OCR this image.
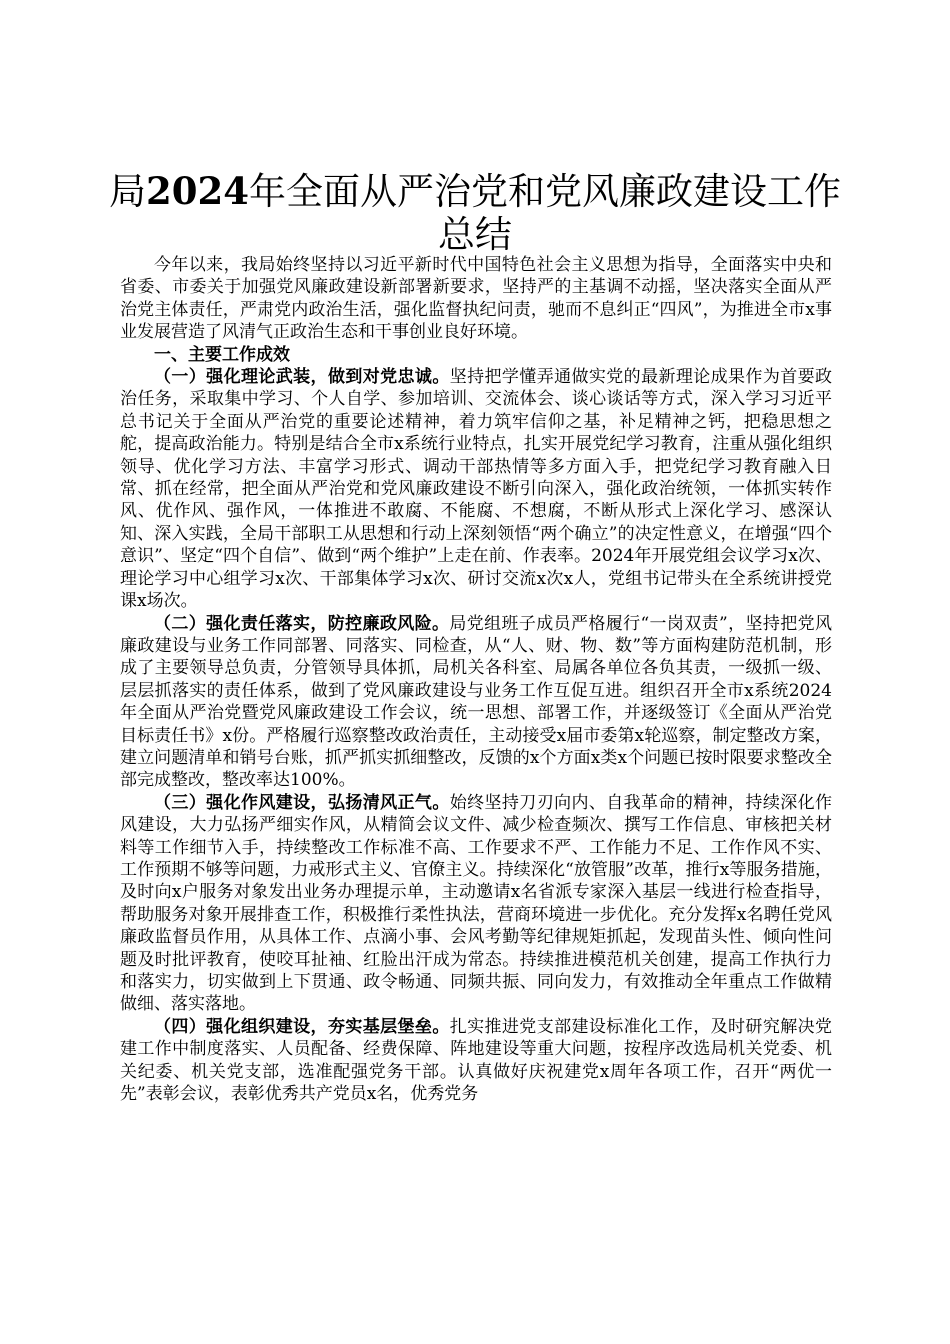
局2024年全面从严治党和党风廉政建设工作
总结

今年以来，我局始终坚持以习近平新时代中国特色社会主义思想为指导，全面落实中央和省委、市委关于加强党风廉政建设新部署新要求，坚持严的主基调不动摇，坚决落实全面从严治党主体责任，严肃党内政治生活，强化监督执纪问责，驰而不息纠正“四风”，为推进全市x事业发展营造了风清气正政治生态和干事创业良好环境。

一、主要工作成效

（一）强化理论武装，做到对党忠诚。坚持把学懂弄通做实党的最新理论成果作为首要政治任务，采取集中学习、个人自学、参加培训、交流体会、谈心谈话等方式，深入学习习近平总书记关于全面从严治党的重要论述精神，着力筑牢信仰之基，补足精神之钙，把稳思想之舵，提高政治能力。特别是结合全市x系统行业特点，扎实开展党纪学习教育，注重从强化组织领导、优化学习方法、丰富学习形式、调动干部热情等多方面入手，把党纪学习教育融入日常、抓在经常，把全面从严治党和党风廉政建设不断引向深入，强化政治统领，一体抓实转作风、优作风、强作风，一体推进不敢腐、不能腐、不想腐，不断从形式上深化学习、感深认知、深入实践，全局干部职工从思想和行动上深刻领悟“两个确立”的决定性意义，在增强“四个意识”、坚定“四个自信”、做到“两个维护”上走在前、作表率。2024年开展党组会议学习x次、理论学习中心组学习x次、干部集体学习x次、研讨交流x次x人，党组书记带头在全系统讲授党课x场次。

（二）强化责任落实，防控廉政风险。局党组班子成员严格履行“一岗双责”，坚持把党风廉政建设与业务工作同部署、同落实、同检查，从“人、财、物、数”等方面构建防范机制，形成了主要领导总负责，分管领导具体抓，局机关各科室、局属各单位各负其责，一级抓一级、层层抓落实的责任体系，做到了党风廉政建设与业务工作互促互进。组织召开全市x系统2024年全面从严治党暨党风廉政建设工作会议，统一思想、部署工作，并逐级签订《全面从严治党目标责任书》x份。严格履行巡察整改政治责任，主动接受x届市委第x轮巡察，制定整改方案，建立问题清单和销号台账，抓严抓实抓细整改，反馈的x个方面x类x个问题已按时限要求整改全部完成整改，整改率达100%。

（三）强化作风建设，弘扬清风正气。始终坚持刀刃向内、自我革命的精神，持续深化作风建设，大力弘扬严细实作风，从精简会议文件、减少检查频次、撰写工作信息、审核把关材料等工作细节入手，持续整改工作标准不高、工作要求不严、工作能力不足、工作作风不实、工作预期不够等问题，力戒形式主义、官僚主义。持续深化“放管服”改革，推行x等服务措施，及时向x户服务对象发出业务办理提示单，主动邀请x名省派专家深入基层一线进行检查指导，帮助服务对象开展排查工作，积极推行柔性执法，营商环境进一步优化。充分发挥x名聘任党风廉政监督员作用，从具体工作、点滴小事、会风考勤等纪律规矩抓起，发现苗头性、倾向性问题及时批评教育，使咬耳扯袖、红脸出汗成为常态。持续推进模范机关创建，提高工作执行力和落实力，切实做到上下贯通、政令畅通、同频共振、同向发力，有效推动全年重点工作做精做细、落实落地。

（四）强化组织建设，夯实基层堡垒。扎实推进党支部建设标准化工作，及时研究解决党建工作中制度落实、人员配备、经费保障、阵地建设等重大问题，按程序改选局机关党委、机关纪委、机关党支部，选准配强党务干部。认真做好庆祝建党x周年各项工作，召开“两优一先”表彰会议，表彰优秀共产党员x名，优秀党务
